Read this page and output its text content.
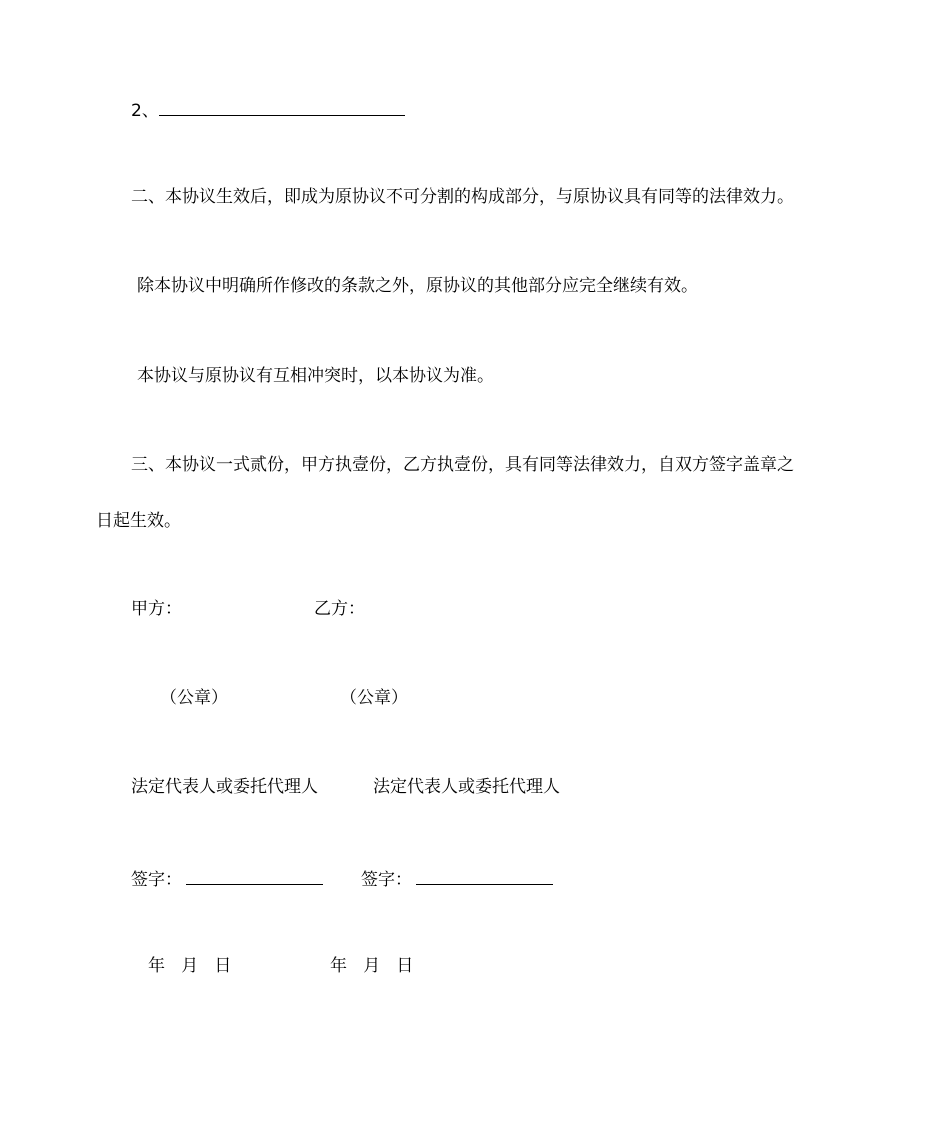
2、
二、本协议生效后，即成为原协议不可分割的构成部分，与原协议具有同等的法律效力。
除本协议中明确所作修改的条款之外，原协议的其他部分应完全继续有效。
本协议与原协议有互相冲突时，以本协议为准。
三、本协议一式贰份，甲方执壹份，乙方执壹份，具有同等法律效力，自双方签字盖章之
日起生效。
甲方：	乙方：
（公章）	（公章）
法定代表人或委托代理人	法定代表人或委托代理人
签字：	签字：
年   月   日	年   月   日
